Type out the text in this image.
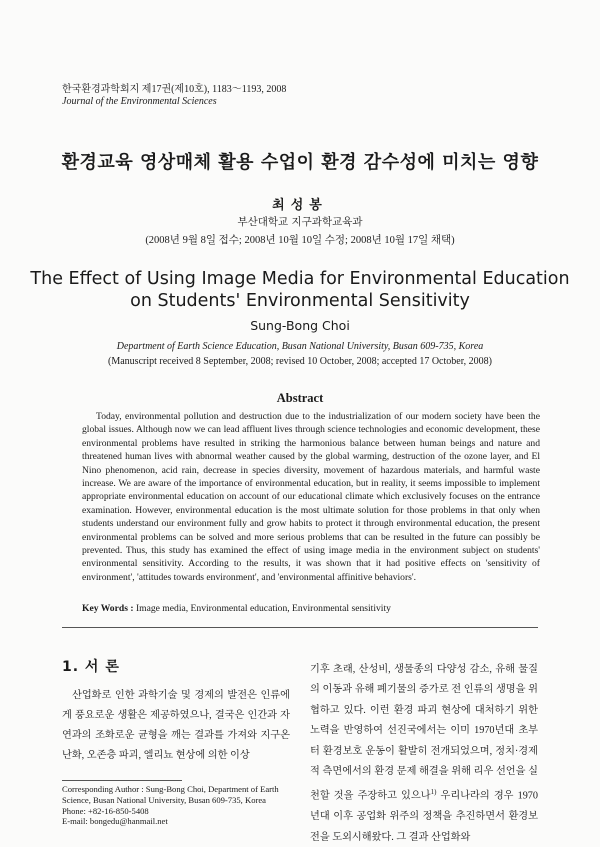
한국환경과학회지 제17권(제10호), 1183～1193, 2008
Journal of the Environmental Sciences
환경교육 영상매체 활용 수업이 환경 감수성에 미치는 영향
최성봉
부산대학교 지구과학교육과
(2008년 9월 8일 접수; 2008년 10월 10일 수정; 2008년 10월 17일 채택)
The Effect of Using Image Media for Environmental Education
on Students' Environmental Sensitivity
Sung-Bong Choi
Department of Earth Science Education, Busan National University, Busan 609-735, Korea
(Manuscript received 8 September, 2008; revised 10 October, 2008; accepted 17 October, 2008)
Abstract

Today, environmental pollution and destruction due to the industrialization of our modern society have been the global issues. Although now we can lead affluent lives through science technologies and economic development, these environmental problems have resulted in striking the harmonious balance between human beings and nature and threatened human lives with abnormal weather caused by the global warming, destruction of the ozone layer, and El Nino phenomenon, acid rain, decrease in species diversity, movement of hazardous materials, and harmful waste increase. We are aware of the importance of environmental education, but in reality, it seems impossible to implement appropriate environmental education on account of our educational climate which exclusively focuses on the entrance examination. However, environmental education is the most ultimate solution for those problems in that only when students understand our environment fully and grow habits to protect it through environmental education, the present environmental problems can be solved and more serious problems that can be resulted in the future can possibly be prevented. Thus, this study has examined the effect of using image media in the environment subject on students' environmental sensitivity. According to the results, it was shown that it had positive effects on 'sensitivity of environment', 'attitudes towards environment', and 'environmental affinitive behaviors'.

Key Words : Image media, Environmental education, Environmental sensitivity
1. 서 론

산업화로 인한 과학기술 및 경제의 발전은 인류에게 풍요로운 생활은 제공하였으나, 결국은 인간과 자연과의 조화로운 균형을 깨는 결과를 가져와 지구온난화, 오존층 파괴, 엘리뇨 현상에 의한 이상

기후 초래, 산성비, 생물종의 다양성 감소, 유해 물질의 이동과 유해 폐기물의 증가로 전 인류의 생명을 위협하고 있다. 이런 환경 파괴 현상에 대처하기 위한 노력을 반영하여 선진국에서는 이미 1970년대 초부터 환경보호 운동이 활발히 전개되었으며, 정치·경제적 측면에서의 환경 문제 해결을 위해 리우 선언을 실천할 것을 주장하고 있으나$^{1)}$ 우리나라의 경우 1970년대 이후 공업화 위주의 정책을 추진하면서 환경보전을 도외시해왔다. 그 결과 산업화와

Corresponding Author : Sung-Bong Choi, Department of Earth
Science, Busan National University, Busan 609-735, Korea
Phone: +82-16-850-5408
E-mail: bongedu@hanmail.net
